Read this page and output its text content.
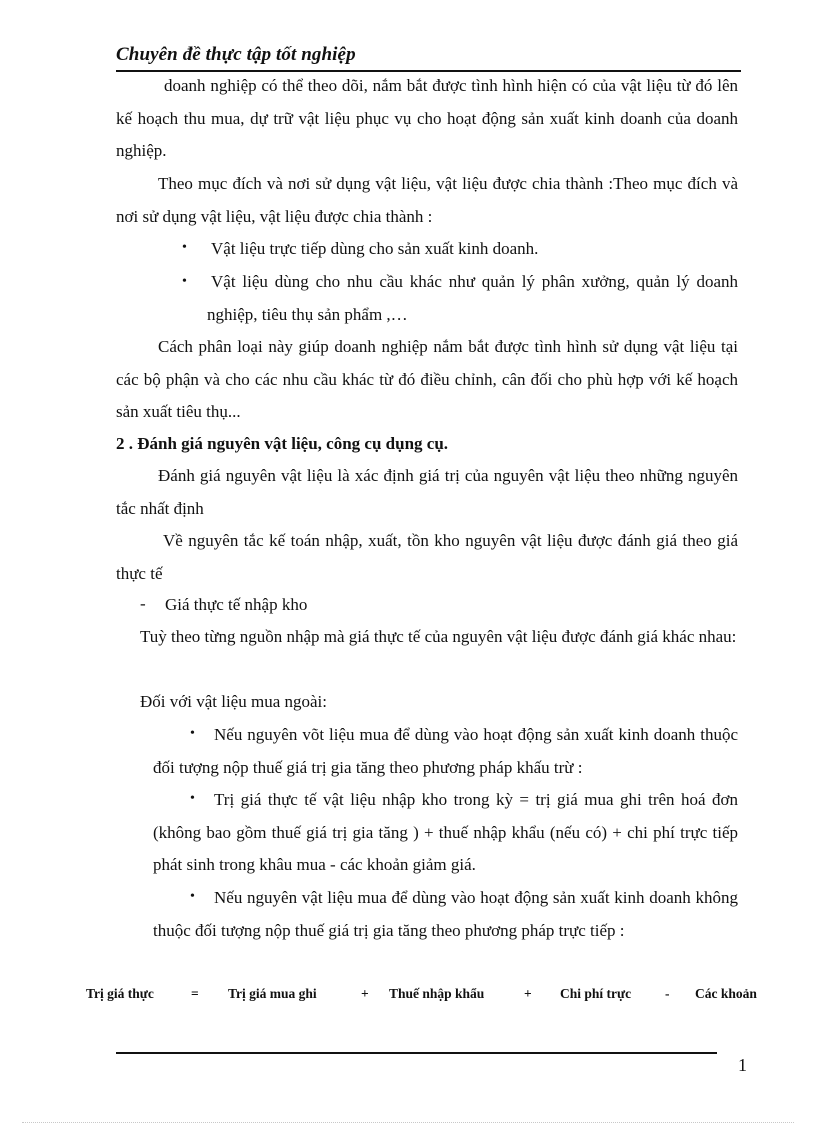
Chuyên đề thực tập tốt nghiệp
doanh nghiệp có thể theo dõi, nắm bắt được tình hình hiện có của vật liệu từ đó lên kế hoạch thu mua, dự trữ vật liệu phục vụ cho hoạt động sản xuất kinh doanh của doanh nghiệp.
Theo mục đích và nơi sử dụng vật liệu, vật liệu được chia thành :Theo mục đích và nơi sử dụng vật liệu, vật liệu được chia thành :
• Vật liệu trực tiếp dùng cho sản xuất kinh doanh.
• Vật liệu dùng cho nhu cầu khác như quản lý phân xưởng, quản lý doanh nghiệp, tiêu thụ sản phẩm ,…
Cách phân loại này giúp doanh nghiệp nắm bắt được tình hình sử dụng vật liệu tại các bộ phận và cho các nhu cầu khác từ đó điều chỉnh, cân đối cho phù hợp với kế hoạch sản xuất tiêu thụ...
2 . Đánh giá nguyên vật liệu, công cụ dụng cụ.
Đánh giá nguyên vật liệu là xác định giá trị của nguyên vật liệu theo những nguyên tắc nhất định
Về nguyên tắc kế toán nhập, xuất, tồn kho nguyên vật liệu được đánh giá theo giá thực tế
- Giá thực tế nhập kho
Tuỳ theo từng nguồn nhập mà giá thực tế của nguyên vật liệu được đánh giá khác nhau:
Đối với vật liệu mua ngoài:
•	Nếu nguyên võt liệu mua để dùng vào hoạt động sản xuất kinh doanh thuộc đối tượng nộp thuế giá trị gia tăng theo phương pháp khấu trừ :
•	Trị giá thực tế vật liệu nhập kho trong kỳ = trị giá mua ghi trên hoá đơn (không bao gồm thuế giá trị gia tăng ) + thuế nhập khẩu (nếu có) + chi phí trực tiếp phát sinh trong khâu mua - các khoản giảm giá.
•	Nếu nguyên vật liệu mua để dùng vào hoạt động sản xuất kinh doanh không thuộc đối tượng nộp thuế giá trị gia tăng theo phương pháp trực tiếp :
Trị giá thực	= Trị giá mua ghi	+ Thuế nhập khẩu	+ Chi phí trực	- Các khoản
1
